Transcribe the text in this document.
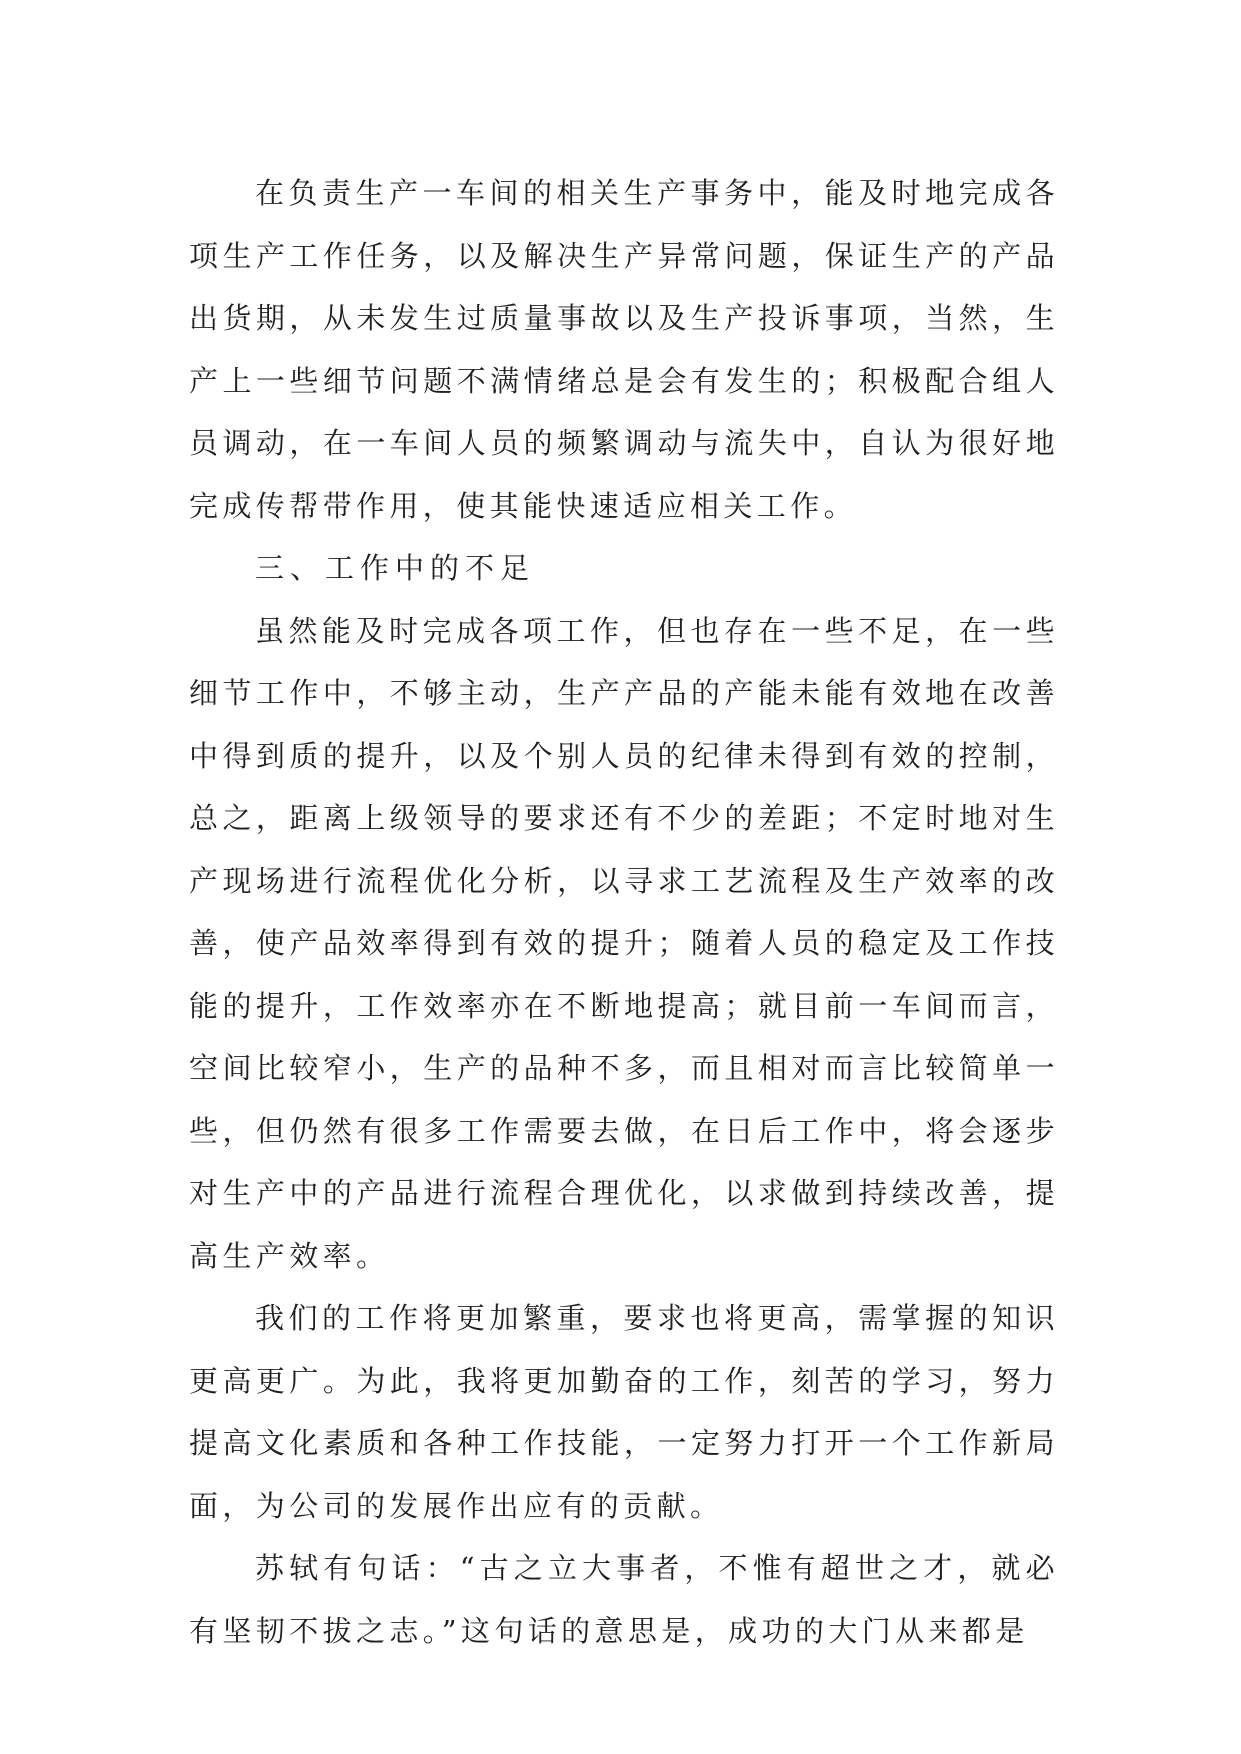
在负责生产一车间的相关生产事务中，能及时地完成各项生产工作任务，以及解决生产异常问题，保证生产的产品出货期，从未发生过质量事故以及生产投诉事项，当然，生产上一些细节问题不满情绪总是会有发生的；积极配合组人员调动，在一车间人员的频繁调动与流失中，自认为很好地完成传帮带作用，使其能快速适应相关工作。

三、工作中的不足

虽然能及时完成各项工作，但也存在一些不足，在一些细节工作中，不够主动，生产产品的产能未能有效地在改善中得到质的提升，以及个别人员的纪律未得到有效的控制，总之，距离上级领导的要求还有不少的差距；不定时地对生产现场进行流程优化分析，以寻求工艺流程及生产效率的改善，使产品效率得到有效的提升；随着人员的稳定及工作技能的提升，工作效率亦在不断地提高；就目前一车间而言，空间比较窄小，生产的品种不多，而且相对而言比较简单一些，但仍然有很多工作需要去做，在日后工作中，将会逐步对生产中的产品进行流程合理优化，以求做到持续改善，提高生产效率。

我们的工作将更加繁重，要求也将更高，需掌握的知识更高更广。为此，我将更加勤奋的工作，刻苦的学习，努力提高文化素质和各种工作技能，一定努力打开一个工作新局面，为公司的发展作出应有的贡献。

苏轼有句话：“古之立大事者，不惟有超世之才，就必有坚韧不拔之志。”这句话的意思是，成功的大门从来都是
